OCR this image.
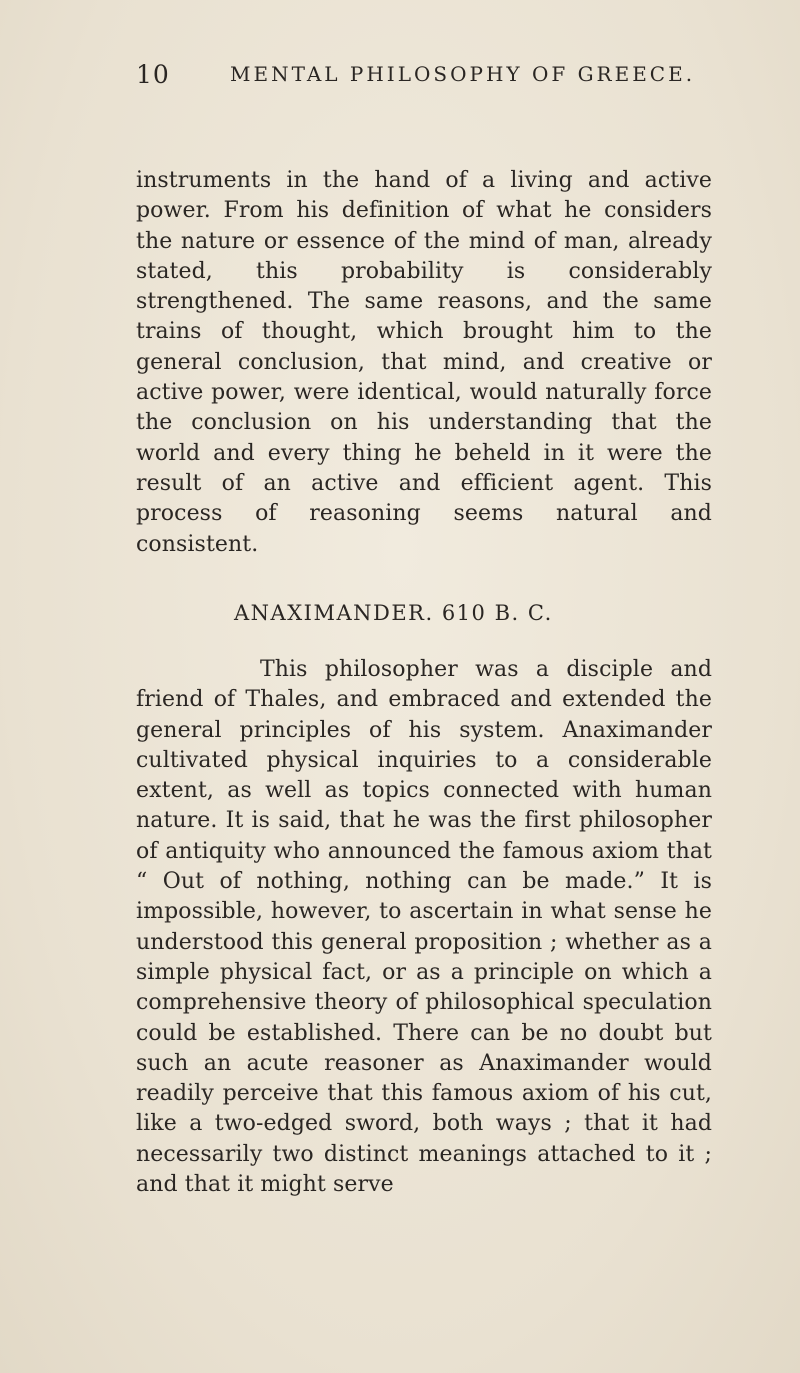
10	MENTAL PHILOSOPHY OF GREECE.

instruments in the hand of a living and active power. From his definition of what he considers the nature or essence of the mind of man, already stated, this probability is considerably strengthened. The same reasons, and the same trains of thought, which brought him to the general conclusion, that mind, and creative or active power, were identical, would naturally force the conclusion on his understanding that the world and every thing he beheld in it were the result of an active and efficient agent. This process of reasoning seems natural and consistent.

ANAXIMANDER. 610 B. C.

This philosopher was a disciple and friend of Thales, and embraced and extended the general principles of his system. Anaximander cultivated physical inquiries to a considerable extent, as well as topics connected with human nature. It is said, that he was the first philosopher of antiquity who announced the famous axiom that “ Out of nothing, nothing can be made.” It is impossible, however, to ascertain in what sense he understood this general proposition ; whether as a simple physical fact, or as a principle on which a comprehensive theory of philosophical speculation could be established. There can be no doubt but such an acute reasoner as Anaximander would readily perceive that this famous axiom of his cut, like a two-edged sword, both ways ; that it had necessarily two distinct meanings attached to it ; and that it might serve
